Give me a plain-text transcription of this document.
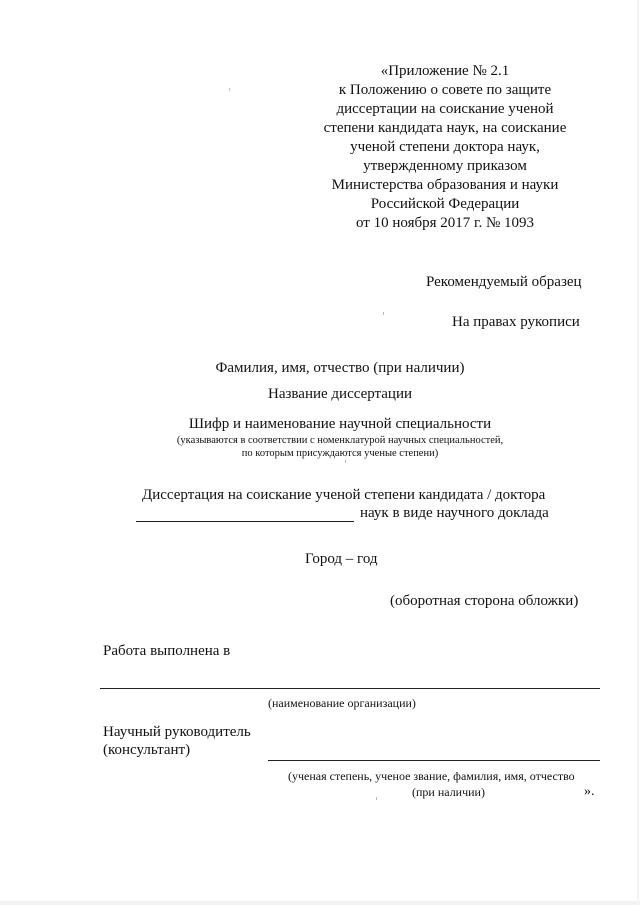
«Приложение № 2.1
к Положению о совете по защите
диссертации на соискание ученой
степени кандидата наук, на соискание
ученой степени доктора наук,
утвержденному приказом
Министерства образования и науки
Российской Федерации
от 10 ноября 2017 г. № 1093
Рекомендуемый образец
На правах рукописи
Фамилия, имя, отчество (при наличии)
Название диссертации
Шифр и наименование научной специальности
(указываются в соответствии с номенклатурой научных специальностей,
по которым присуждаются ученые степени)
Диссертация на соискание ученой степени кандидата / доктора
наук в виде научного доклада
Город – год
(оборотная сторона обложки)
Работа выполнена в
(наименование организации)
Научный руководитель
(консультант)
(ученая степень, ученое звание, фамилия, имя, отчество
(при наличии)	».
